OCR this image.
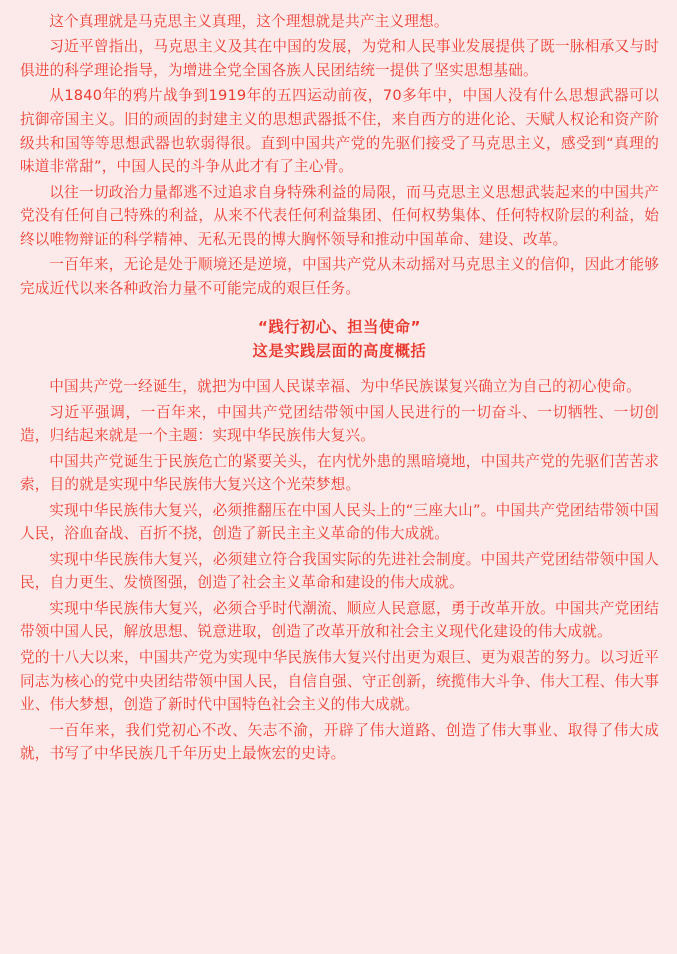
这个真理就是马克思主义真理，这个理想就是共产主义理想。

习近平曾指出，马克思主义及其在中国的发展，为党和人民事业发展提供了既一脉相承又与时俱进的科学理论指导，为增进全党全国各族人民团结统一提供了坚实思想基础。

从1840年的鸦片战争到1919年的五四运动前夜，70多年中，中国人没有什么思想武器可以抗御帝国主义。旧的顽固的封建主义的思想武器抵不住，来自西方的进化论、天赋人权论和资产阶级共和国等等思想武器也软弱得很。直到中国共产党的先驱们接受了马克思主义，感受到“真理的味道非常甜”，中国人民的斗争从此才有了主心骨。

以往一切政治力量都逃不过追求自身特殊利益的局限，而马克思主义思想武装起来的中国共产党没有任何自己特殊的利益，从来不代表任何利益集团、任何权势集体、任何特权阶层的利益，始终以唯物辩证的科学精神、无私无畏的博大胸怀领导和推动中国革命、建设、改革。

一百年来，无论是处于顺境还是逆境，中国共产党从未动摇对马克思主义的信仰，因此才能够完成近代以来各种政治力量不可能完成的艰巨任务。

“践行初心、担当使命”
这是实践层面的高度概括

中国共产党一经诞生，就把为中国人民谋幸福、为中华民族谋复兴确立为自己的初心使命。

习近平强调，一百年来，中国共产党团结带领中国人民进行的一切奋斗、一切牺牲、一切创造，归结起来就是一个主题：实现中华民族伟大复兴。

中国共产党诞生于民族危亡的紧要关头，在内忧外患的黑暗境地，中国共产党的先驱们苦苦求索，目的就是实现中华民族伟大复兴这个光荣梦想。

实现中华民族伟大复兴，必须推翻压在中国人民头上的“三座大山”。中国共产党团结带领中国人民，浴血奋战、百折不挠，创造了新民主主义革命的伟大成就。

实现中华民族伟大复兴，必须建立符合我国实际的先进社会制度。中国共产党团结带领中国人民，自力更生、发愤图强，创造了社会主义革命和建设的伟大成就。

实现中华民族伟大复兴，必须合乎时代潮流、顺应人民意愿，勇于改革开放。中国共产党团结带领中国人民，解放思想、锐意进取，创造了改革开放和社会主义现代化建设的伟大成就。

党的十八大以来，中国共产党为实现中华民族伟大复兴付出更为艰巨、更为艰苦的努力。以习近平同志为核心的党中央团结带领中国人民，自信自强、守正创新，统揽伟大斗争、伟大工程、伟大事业、伟大梦想，创造了新时代中国特色社会主义的伟大成就。

一百年来，我们党初心不改、矢志不渝，开辟了伟大道路、创造了伟大事业、取得了伟大成就，书写了中华民族几千年历史上最恢宏的史诗。
